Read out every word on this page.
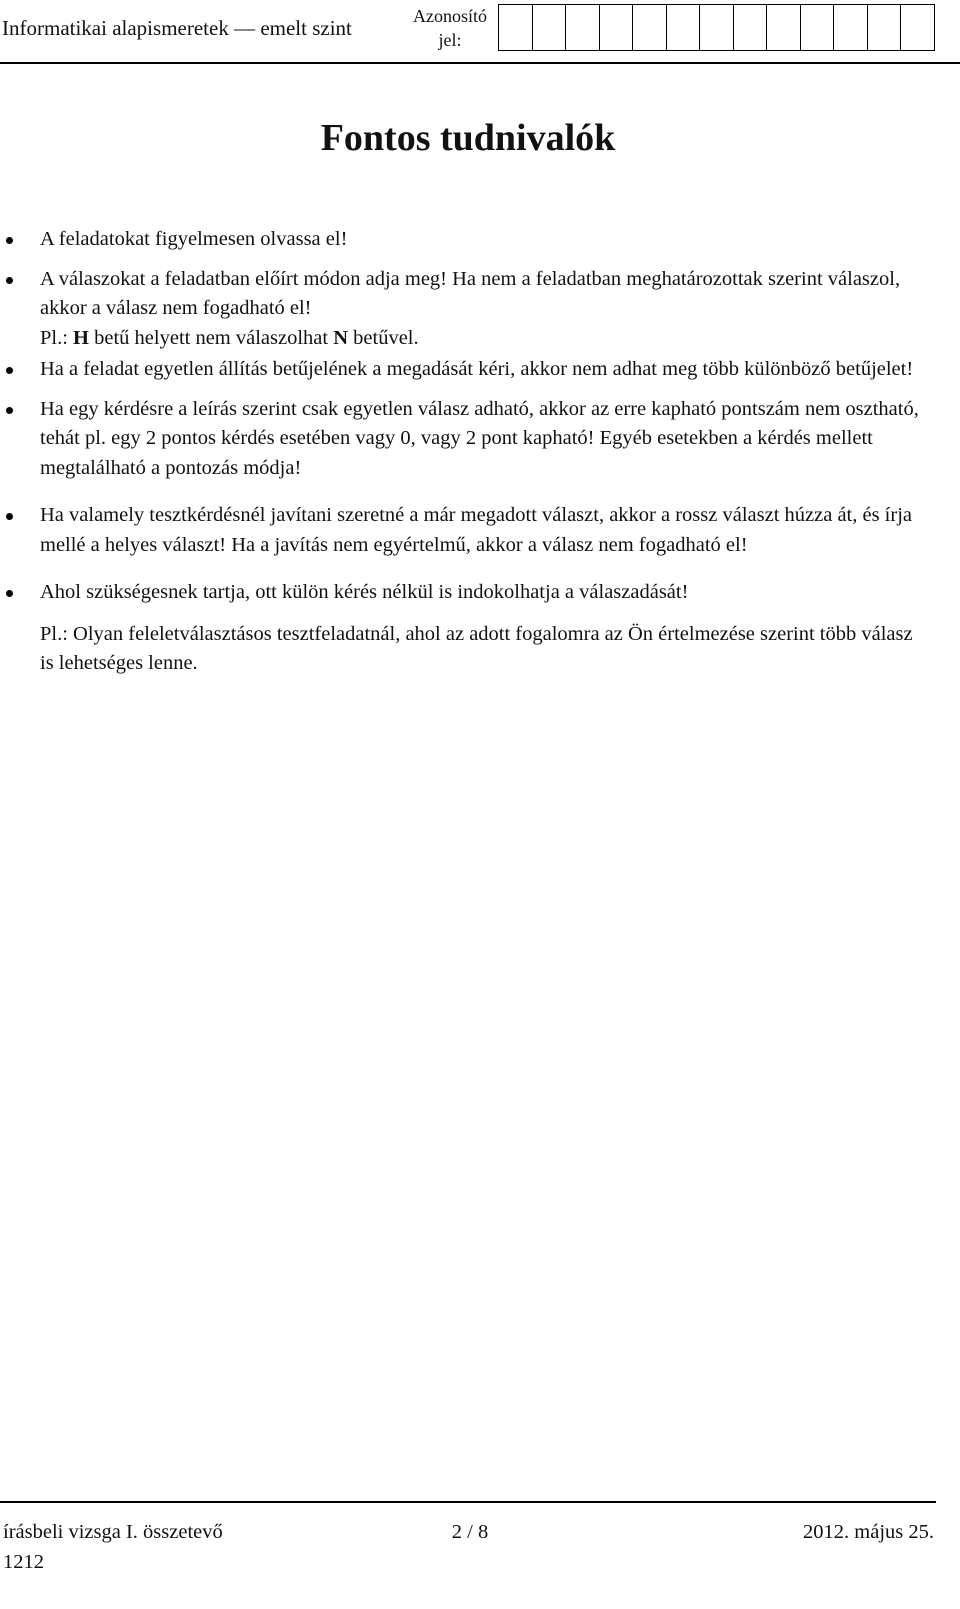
Informatikai alapismeretek — emelt szint	Azonosító
jel:
Fontos tudnivalók
A feladatokat figyelmesen olvassa el!
A válaszokat a feladatban előírt módon adja meg! Ha nem a feladatban meghatározottak szerint válaszol, akkor a válasz nem fogadható el!
Pl.: H betű helyett nem válaszolhat N betűvel.
Ha a feladat egyetlen állítás betűjelének a megadását kéri, akkor nem adhat meg több különböző betűjelet!
Ha egy kérdésre a leírás szerint csak egyetlen válasz adható, akkor az erre kapható pontszám nem osztható, tehát pl. egy 2 pontos kérdés esetében vagy 0, vagy 2 pont kapható! Egyéb esetekben a kérdés mellett megtalálható a pontozás módja!
Ha valamely tesztkérdésnél javítani szeretné a már megadott választ, akkor a rossz választ húzza át, és írja mellé a helyes választ! Ha a javítás nem egyértelmű, akkor a válasz nem fogadható el!
Ahol szükségesnek tartja, ott külön kérés nélkül is indokolhatja a válaszadását!
Pl.: Olyan feleletválasztásos tesztfeladatnál, ahol az adott fogalomra az Ön értelmezése szerint több válasz is lehetséges lenne.
írásbeli vizsga I. összetevő	2 / 8	2012. május 25.
1212
